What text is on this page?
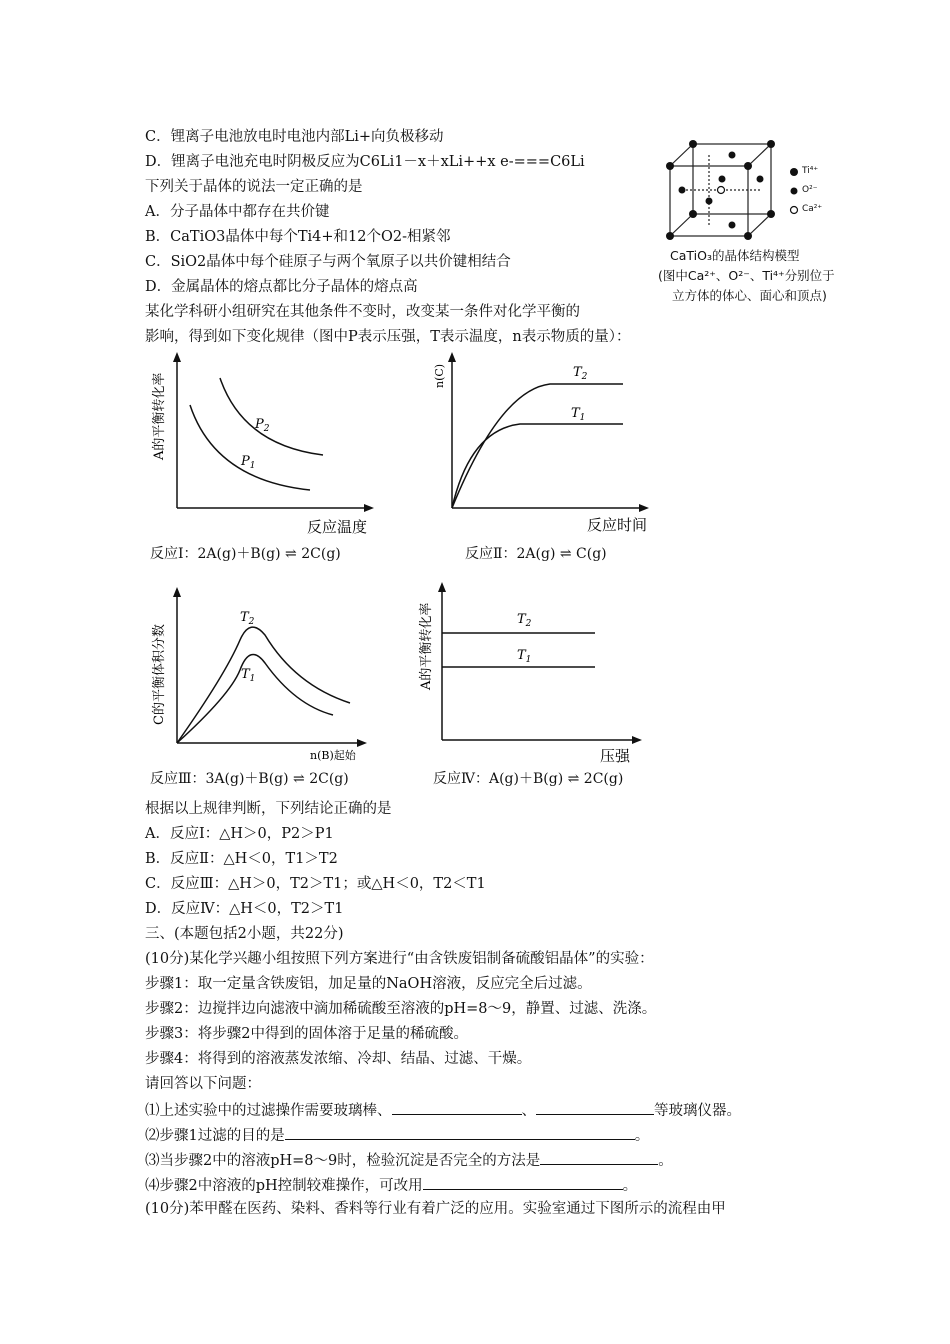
C．锂离子电池放电时电池内部Li+向负极移动
D．锂离子电池充电时阴极反应为C6Li1－x＋xLi++x e-===C6Li
下列关于晶体的说法一定正确的是
A．分子晶体中都存在共价键
B．CaTiO3晶体中每个Ti4+和12个O2-相紧邻
C．SiO2晶体中每个硅原子与两个氧原子以共价键相结合
D．金属晶体的熔点都比分子晶体的熔点高
某化学科研小组研究在其他条件不变时，改变某一条件对化学平衡的
影响，得到如下变化规律（图中P表示压强，T表示温度，n表示物质的量）：
Ti⁴⁺
O²⁻
Ca²⁺
CaTiO₃的晶体结构模型
(图中Ca²⁺、O²⁻、Ti⁴⁺分别位于
立方体的体心、面心和顶点)
$P_2$
$P_1$
反应温度
A的平衡转化率
反应Ⅰ：2A(g)＋B(g) ⇌ 2C(g)
$T_2$
$T_1$
反应时间
n(C)
反应Ⅱ：2A(g) ⇌ C(g)
$T_2$
$T_1$
n(B)起始
C的平衡体积分数
反应Ⅲ：3A(g)＋B(g) ⇌ 2C(g)
$T_2$
$T_1$
压强
A的平衡转化率
反应Ⅳ：A(g)＋B(g) ⇌ 2C(g)
根据以上规律判断，下列结论正确的是
A．反应Ⅰ：△H＞0，P2＞P1
B．反应Ⅱ：△H＜0，T1＞T2
C．反应Ⅲ：△H＞0，T2＞T1；或△H＜0，T2＜T1
D．反应Ⅳ：△H＜0，T2＞T1
三、(本题包括2小题，共22分)
(10分)某化学兴趣小组按照下列方案进行“由含铁废铝制备硫酸铝晶体”的实验：
步骤1：取一定量含铁废铝，加足量的NaOH溶液，反应完全后过滤。
步骤2：边搅拌边向滤液中滴加稀硫酸至溶液的pH=8～9，静置、过滤、洗涤。
步骤3：将步骤2中得到的固体溶于足量的稀硫酸。
步骤4：将得到的溶液蒸发浓缩、冷却、结晶、过滤、干燥。
请回答以下问题：
⑴上述实验中的过滤操作需要玻璃棒、	、	等玻璃仪器。
⑵步骤1过滤的目的是	。
⑶当步骤2中的溶液pH=8～9时，检验沉淀是否完全的方法是	。
⑷步骤2中溶液的pH控制较难操作，可改用	。
(10分)苯甲醛在医药、染料、香料等行业有着广泛的应用。实验室通过下图所示的流程由甲
